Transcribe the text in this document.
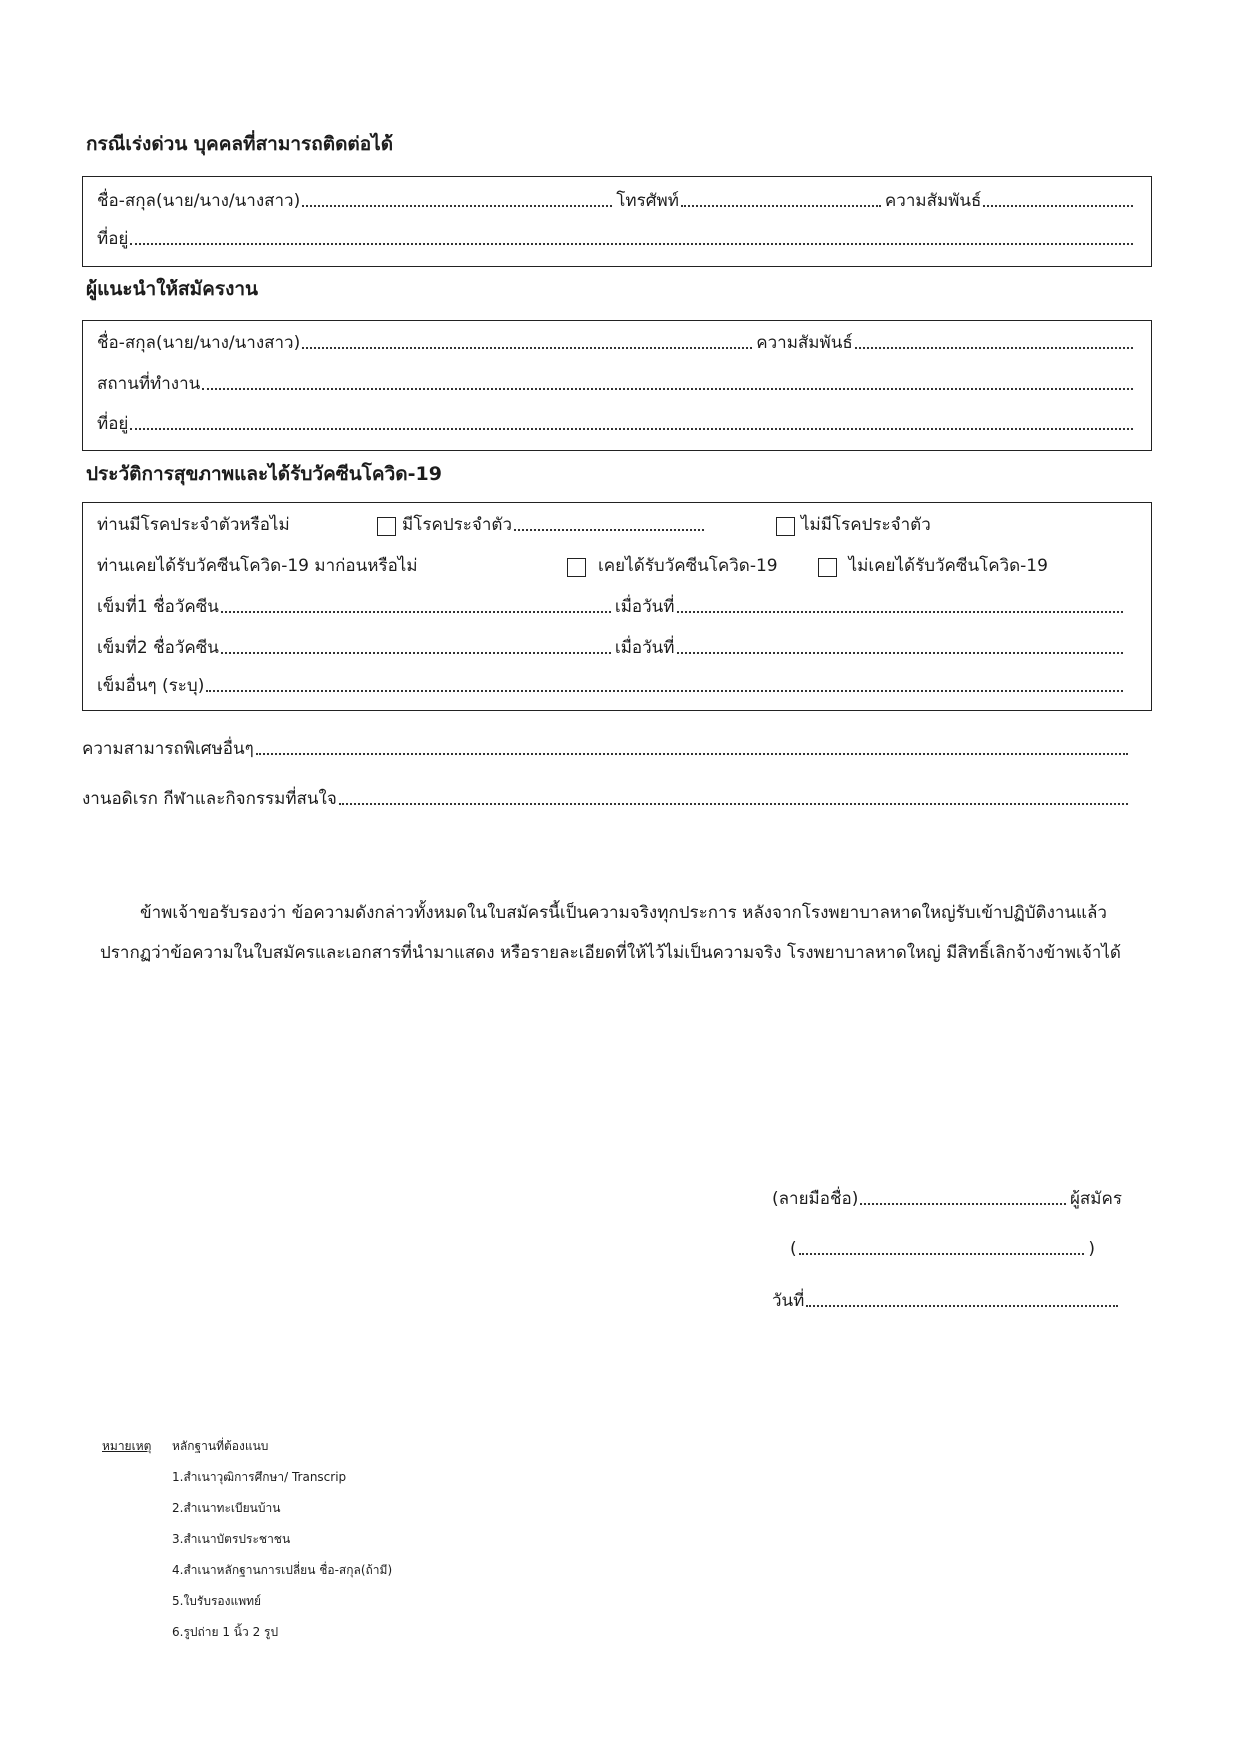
กรณีเร่งด่วน บุคคลที่สามารถติดต่อได้
ชื่อ-สกุล(นาย/นาง/นางสาว)	โทรศัพท์	ความสัมพันธ์
ที่อยู่
ผู้แนะนำให้สมัครงาน
ชื่อ-สกุล(นาย/นาง/นางสาว)	ความสัมพันธ์
สถานที่ทำงาน
ที่อยู่
ประวัติการสุขภาพและได้รับวัคซีนโควิด-19
ท่านมีโรคประจำตัวหรือไม่	มีโรคประจำตัว	ไม่มีโรคประจำตัว
ท่านเคยได้รับวัคซีนโควิด-19 มาก่อนหรือไม่	เคยได้รับวัคซีนโควิด-19	ไม่เคยได้รับวัคซีนโควิด-19
เข็มที่1 ชื่อวัคซีน	เมื่อวันที่
เข็มที่2 ชื่อวัคซีน	เมื่อวันที่
เข็มอื่นๆ (ระบุ)
ความสามารถพิเศษอื่นๆ
งานอดิเรก กีฬาและกิจกรรมที่สนใจ
ข้าพเจ้าขอรับรองว่า ข้อความดังกล่าวทั้งหมดในใบสมัครนี้เป็นความจริงทุกประการ หลังจากโรงพยาบาลหาดใหญ่รับเข้าปฏิบัติงานแล้ว
ปรากฏว่าข้อความในใบสมัครและเอกสารที่นำมาแสดง หรือรายละเอียดที่ให้ไว้ไม่เป็นความจริง โรงพยาบาลหาดใหญ่ มีสิทธิ์เลิกจ้างข้าพเจ้าได้
(ลายมือชื่อ)	ผู้สมัคร
(	)
วันที่
หมายเหตุ หลักฐานที่ต้องแนบ
1.สำเนาวุฒิการศึกษา/ Transcrip
2.สำเนาทะเบียนบ้าน
3.สำเนาบัตรประชาชน
4.สำเนาหลักฐานการเปลี่ยน ชื่อ-สกุล(ถ้ามี)
5.ใบรับรองแพทย์
6.รูปถ่าย 1 นิ้ว 2 รูป
